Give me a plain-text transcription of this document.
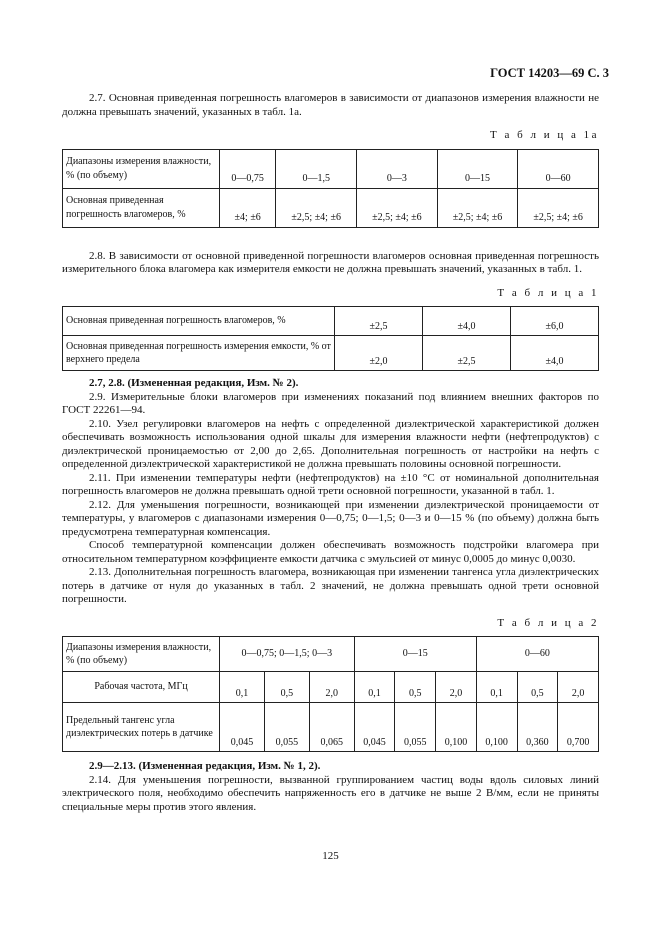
ГОСТ 14203—69 С. 3

2.7. Основная приведенная погрешность влагомеров в зависимости от диапазонов измерения влажности не должна превышать значений, указанных в табл. 1а.

Т а б л и ц а 1а
Диапазоны измерения влажности, % (по объему)	0—0,75	0—1,5	0—3	0—15	0—60
Основная приведенная погрешность влагомеров, %	±4; ±6	±2,5; ±4; ±6	±2,5; ±4; ±6	±2,5; ±4; ±6	±2,5; ±4; ±6

2.8. В зависимости от основной приведенной погрешности влагомеров основная приведенная погрешность измерительного блока влагомера как измерителя емкости не должна превышать значений, указанных в табл. 1.

Т а б л и ц а 1
Основная приведенная погрешность влагомеров, %	±2,5	±4,0	±6,0
Основная приведенная погрешность измерения емкости, % от верхнего предела	±2,0	±2,5	±4,0

2.7, 2.8. (Измененная редакция, Изм. № 2).

2.9. Измерительные блоки влагомеров при изменениях показаний под влиянием внешних факторов по ГОСТ 22261—94.

2.10. Узел регулировки влагомеров на нефть с определенной диэлектрической характеристикой должен обеспечивать возможность использования одной шкалы для измерения влажности нефти (нефтепродуктов) с диэлектрической проницаемостью от 2,00 до 2,65. Дополнительная погрешность от настройки на нефть с определенной диэлектрической характеристикой не должна превышать половины основной погрешности.

2.11. При изменении температуры нефти (нефтепродуктов) на ±10 °С от номинальной дополнительная погрешность влагомеров не должна превышать одной трети основной погрешности, указанной в табл. 1.

2.12. Для уменьшения погрешности, возникающей при изменении диэлектрической проницаемости от температуры, у влагомеров с диапазонами измерения 0—0,75; 0—1,5; 0—3 и 0—15 % (по объему) должна быть предусмотрена температурная компенсация.

Способ температурной компенсации должен обеспечивать возможность подстройки влагомера при относительном температурном коэффициенте емкости датчика с эмульсией от минус 0,0005 до минус 0,0030.

2.13. Дополнительная погрешность влагомера, возникающая при изменении тангенса угла диэлектрических потерь в датчике от нуля до указанных в табл. 2 значений, не должна превышать одной трети основной погрешности.

Т а б л и ц а 2
Диапазоны измерения влажности, % (по объему)	0—0,75; 0—1,5; 0—3			0—15			0—60		
Рабочая частота, МГц	0,1	0,5	2,0	0,1	0,5	2,0	0,1	0,5	2,0
Предельный тангенс угла диэлектрических потерь в датчике	0,045	0,055	0,065	0,045	0,055	0,100	0,100	0,360	0,700

2.9—2.13. (Измененная редакция, Изм. № 1, 2).

2.14. Для уменьшения погрешности, вызванной группированием частиц воды вдоль силовых линий электрического поля, необходимо обеспечить напряженность его в датчике не выше 2 В/мм, если не приняты специальные меры против этого явления.

125
